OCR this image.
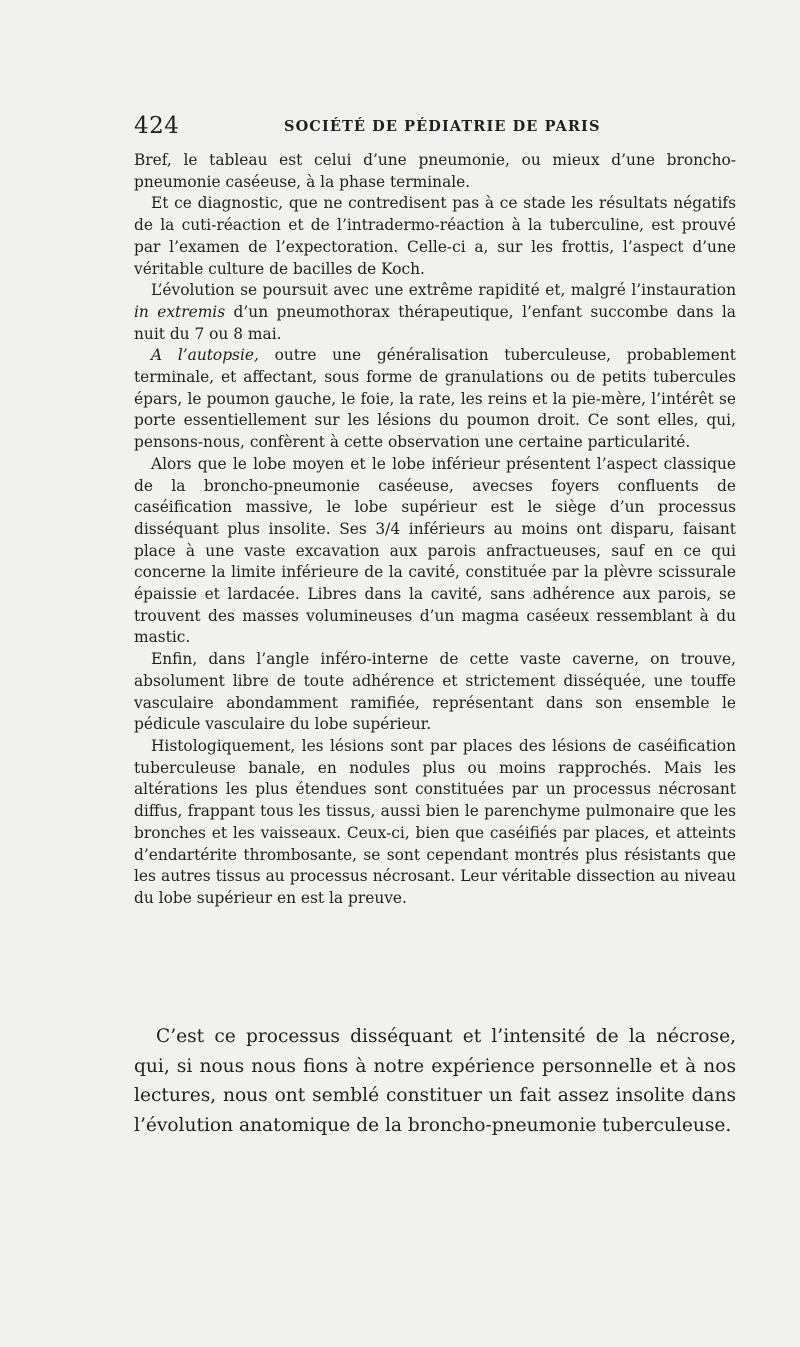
424	SOCIÉTÉ DE PÉDIATRIE DE PARIS

Bref, le tableau est celui d’une pneumonie, ou mieux d’une broncho-pneumonie caséeuse, à la phase terminale.

Et ce diagnostic, que ne contredisent pas à ce stade les résultats négatifs de la cuti-réaction et de l’intradermo-réaction à la tuberculine, est prouvé par l’examen de l’expectoration. Celle-ci a, sur les frottis, l’aspect d’une véritable culture de bacilles de Koch.

L’évolution se poursuit avec une extrême rapidité et, malgré l’instauration in extremis d’un pneumothorax thérapeutique, l’enfant succombe dans la nuit du 7 ou 8 mai.

A l’autopsie, outre une généralisation tuberculeuse, probablement terminale, et affectant, sous forme de granulations ou de petits tubercules épars, le poumon gauche, le foie, la rate, les reins et la pie-mère, l’intérêt se porte essentiellement sur les lésions du poumon droit. Ce sont elles, qui, pensons-nous, confèrent à cette observation une certaine particularité.

Alors que le lobe moyen et le lobe inférieur présentent l’aspect classique de la broncho-pneumonie caséeuse, avecses foyers confluents de caséification massive, le lobe supérieur est le siège d’un processus disséquant plus insolite. Ses 3/4 inférieurs au moins ont disparu, faisant place à une vaste excavation aux parois anfractueuses, sauf en ce qui concerne la limite inférieure de la cavité, constituée par la plèvre scissurale épaissie et lardacée. Libres dans la cavité, sans adhérence aux parois, se trouvent des masses volumineuses d’un magma caséeux ressemblant à du mastic.

Enfin, dans l’angle inféro-interne de cette vaste caverne, on trouve, absolument libre de toute adhérence et strictement disséquée, une touffe vasculaire abondamment ramifiée, représentant dans son ensemble le pédicule vasculaire du lobe supérieur.

Histologiquement, les lésions sont par places des lésions de caséification tuberculeuse banale, en nodules plus ou moins rapprochés. Mais les altérations les plus étendues sont constituées par un processus nécrosant diffus, frappant tous les tissus, aussi bien le parenchyme pulmonaire que les bronches et les vaisseaux. Ceux-ci, bien que caséifiés par places, et atteints d’endartérite thrombosante, se sont cependant montrés plus résistants que les autres tissus au processus nécrosant. Leur véritable dissection au niveau du lobe supérieur en est la preuve.

C’est ce processus disséquant et l’intensité de la nécrose, qui, si nous nous fions à notre expérience personnelle et à nos lectures, nous ont semblé constituer un fait assez insolite dans l’évolution anatomique de la broncho-pneumonie tuberculeuse.
